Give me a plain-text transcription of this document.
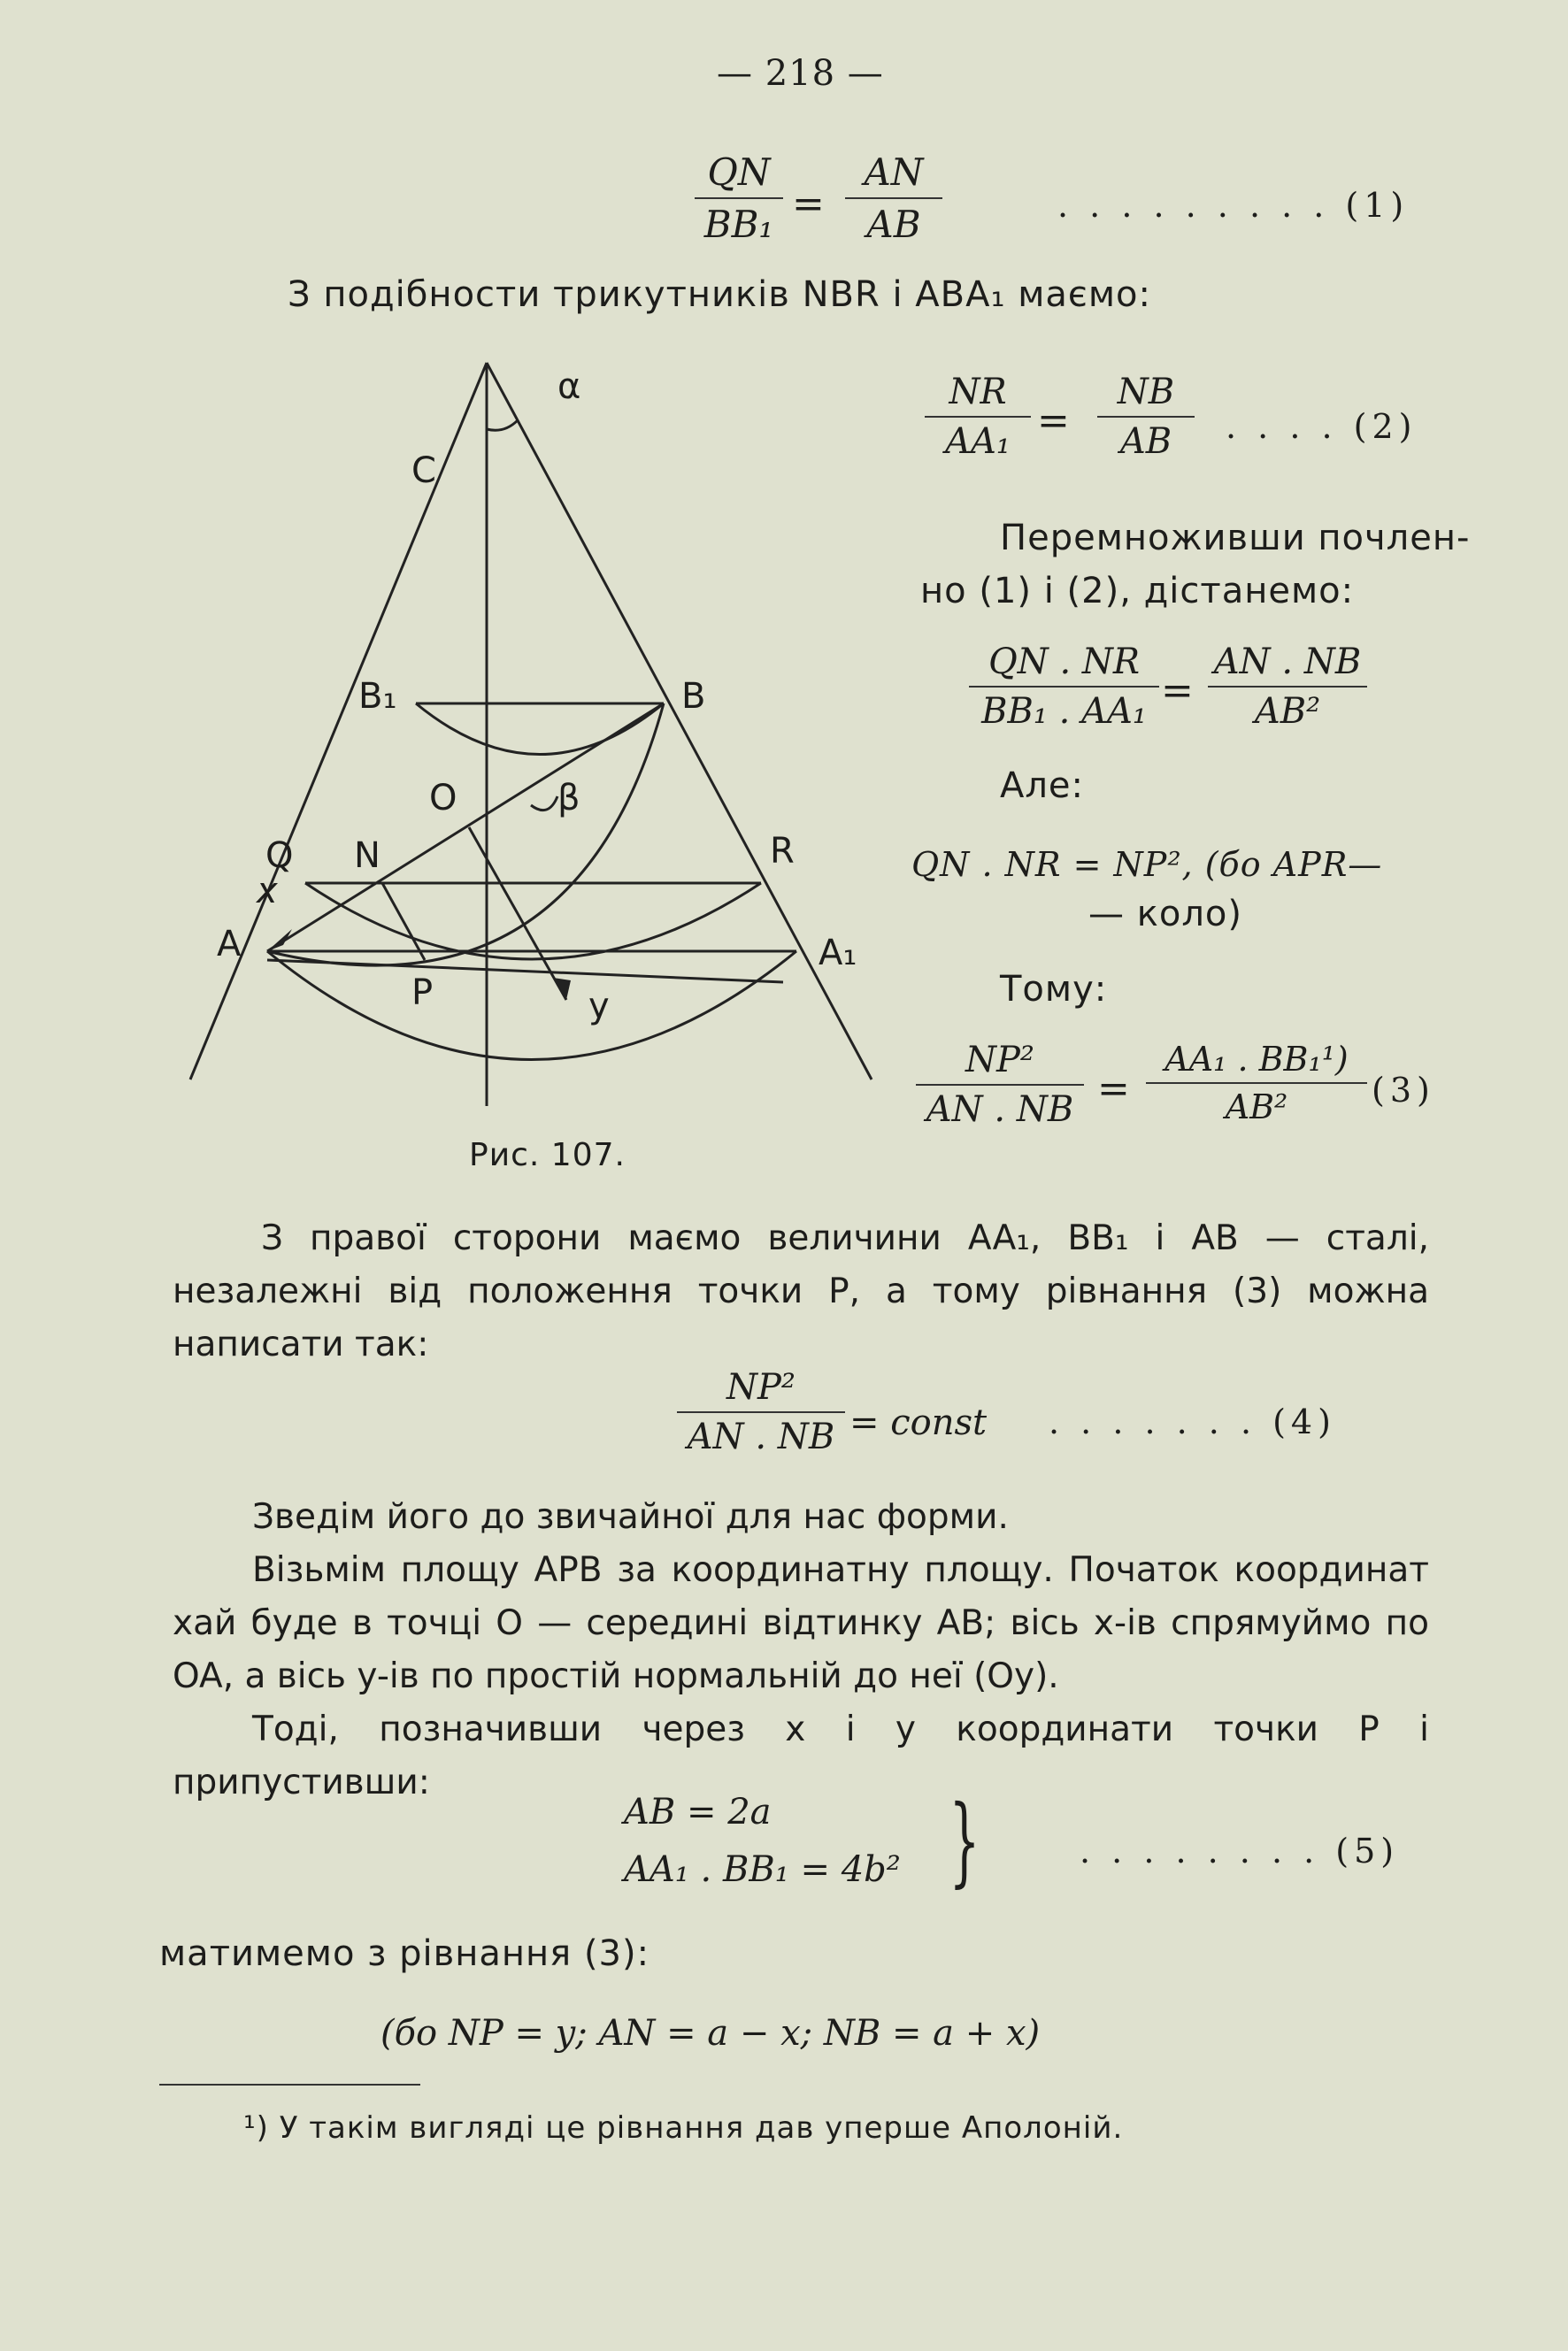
— 218 —
QN
BB₁ =
AN
AB	. . . . . . . . . (1)
З подібности трикутників NBR і ABA₁ маємо:
α
C
B₁	B
O	β
Q N	R
x
A	A₁
P	y
Рис. 107.
NR
AA₁ =
NB
AB . . . . (2)
Перемноживши почлен-
но (1) і (2), дістанемо:
QN . NR
BB₁ . AA₁ =
AN . NB
AB²
Але:
QN . NR = NP², (бо APR—
— коло)
Тому:
NP²
AN . NB =
AA₁ . BB₁¹)
AB² (3)
З правої сторони маємо величини AA₁, BB₁ і AB — сталі, незалежні від положення точки P, а тому рівнання (3) можна написати так:
NP²
AN . NB = const . . . . . . . (4)
Зведім його до звичайної для нас форми.
Візьмім площу APB за координатну площу. Початок координат хай буде в точці O — середині відтинку AB; вісь x-ів спрямуймо по OA, а вісь y-ів по простій нормальній до неї (Oy).
Тоді, позначивши через x і y координати точки P і припустивши:
AB = 2a
AA₁ . BB₁ = 4b² }	. . . . . . . . (5)
матимемо з рівнання (3):
(бо NP = y; AN = a − x; NB = a + x)
¹) У такім вигляді це рівнання дав уперше Аполоній.
